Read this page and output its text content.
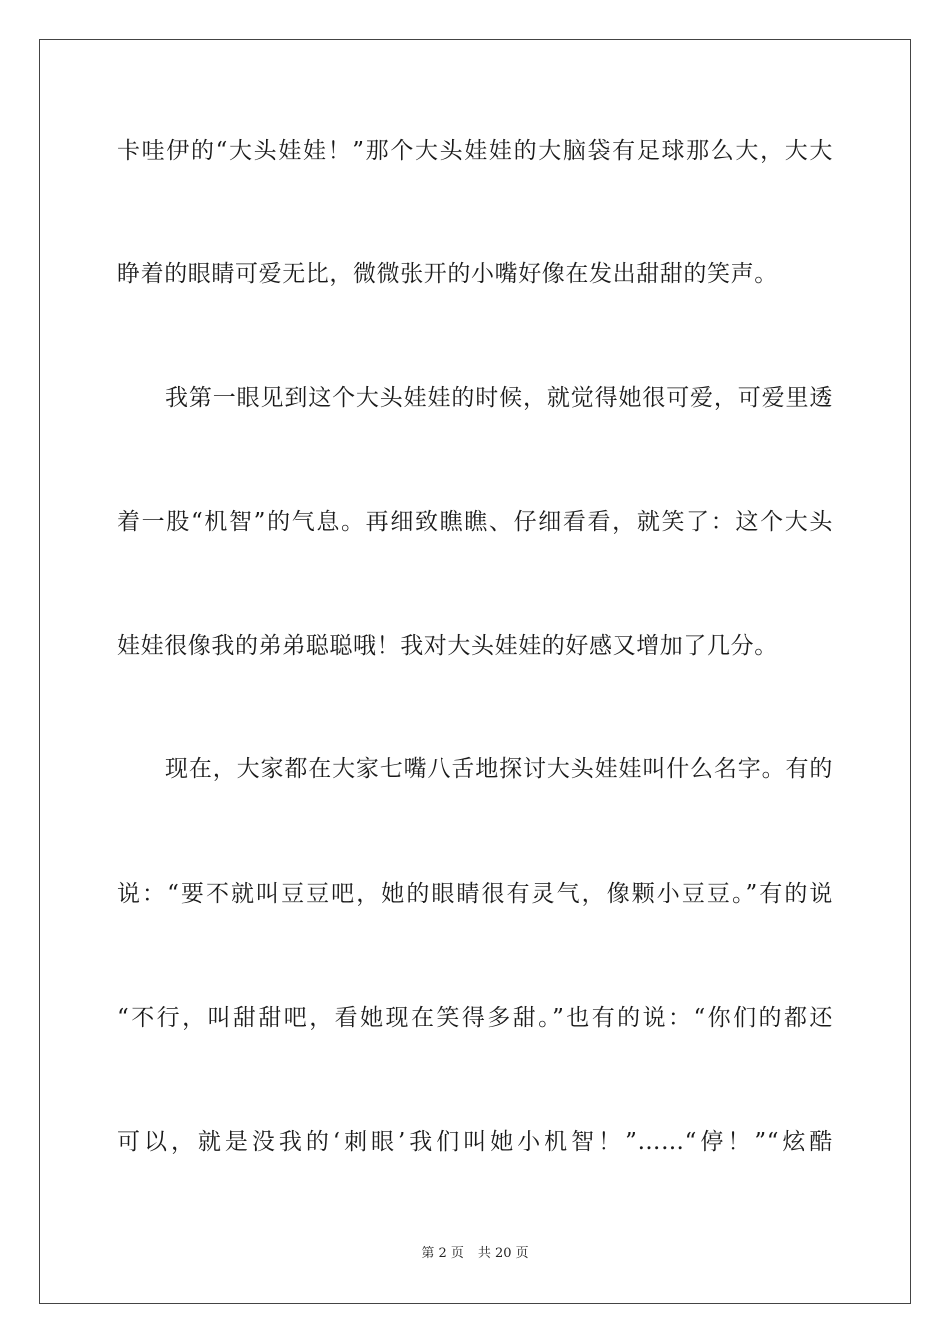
卡哇伊的“大头娃娃！”那个大头娃娃的大脑袋有足球那么大，大大
睁着的眼睛可爱无比，微微张开的小嘴好像在发出甜甜的笑声。
我第一眼见到这个大头娃娃的时候，就觉得她很可爱，可爱里透
着一股“机智”的气息。再细致瞧瞧、仔细看看，就笑了：这个大头
娃娃很像我的弟弟聪聪哦！我对大头娃娃的好感又增加了几分。
现在，大家都在大家七嘴八舌地探讨大头娃娃叫什么名字。有的
说：“要不就叫豆豆吧，她的眼睛很有灵气，像颗小豆豆。”有的说
“不行，叫甜甜吧，看她现在笑得多甜。”也有的说：“你们的都还
可以，就是没我的‘刺眼’我们叫她小机智！”……“停！”“炫酷
第 2 页 共 20 页
